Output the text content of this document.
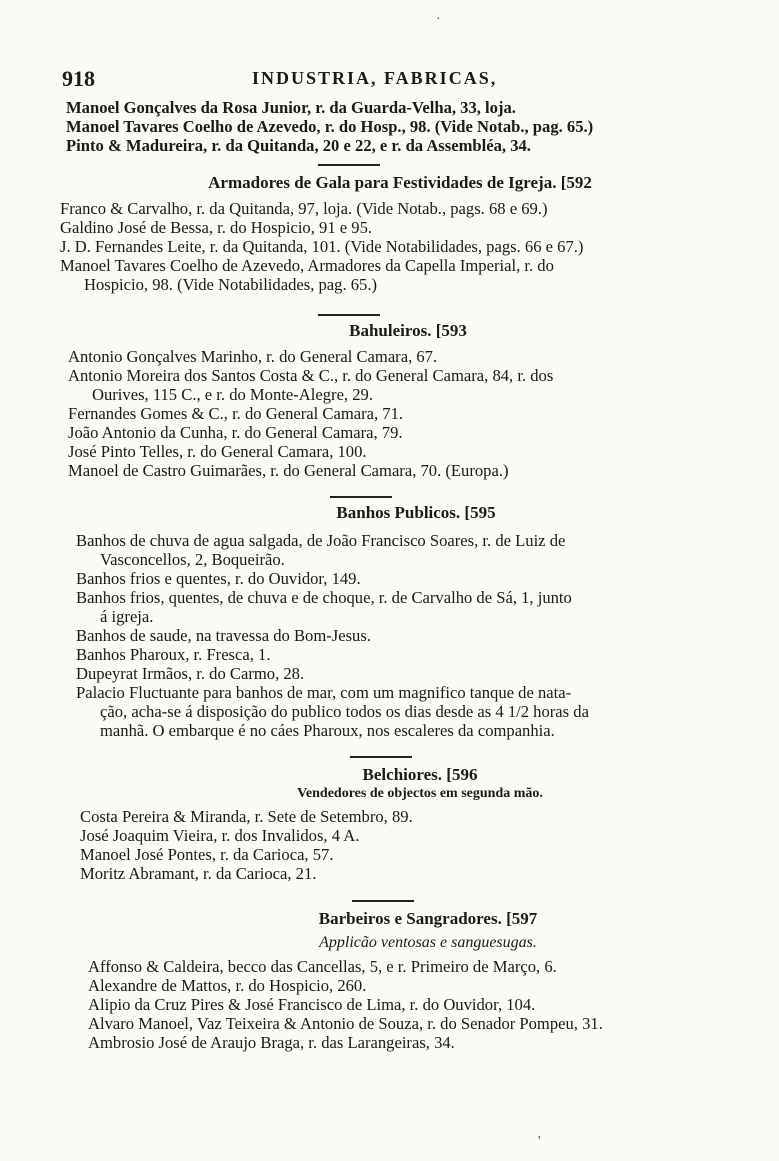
918	INDUSTRIA, FABRICAS,
Manoel Gonçalves da Rosa Junior, r. da Guarda-Velha, 33, loja.
Manoel Tavares Coelho de Azevedo, r. do Hosp., 98. (Vide Notab., pag. 65.)
Pinto & Madureira, r. da Quitanda, 20 e 22, e r. da Assembléa, 34.
Armadores de Gala para Festividades de Igreja. [592
Franco & Carvalho, r. da Quitanda, 97, loja. (Vide Notab., pags. 68 e 69.)
Galdino José de Bessa, r. do Hospicio, 91 e 95.
J. D. Fernandes Leite, r. da Quitanda, 101. (Vide Notabilidades, pags. 66 e 67.)
Manoel Tavares Coelho de Azevedo, Armadores da Capella Imperial, r. do
Hospicio, 98. (Vide Notabilidades, pag. 65.)
Bahuleiros. [593
Antonio Gonçalves Marinho, r. do General Camara, 67.
Antonio Moreira dos Santos Costa & C., r. do General Camara, 84, r. dos
Ourives, 115 C., e r. do Monte-Alegre, 29.
Fernandes Gomes & C., r. do General Camara, 71.
João Antonio da Cunha, r. do General Camara, 79.
José Pinto Telles, r. do General Camara, 100.
Manoel de Castro Guimarães, r. do General Camara, 70. (Europa.)
Banhos Publicos. [595
Banhos de chuva de agua salgada, de João Francisco Soares, r. de Luiz de
Vasconcellos, 2, Boqueirão.
Banhos frios e quentes, r. do Ouvidor, 149.
Banhos frios, quentes, de chuva e de choque, r. de Carvalho de Sá, 1, junto
á igreja.
Banhos de saude, na travessa do Bom-Jesus.
Banhos Pharoux, r. Fresca, 1.
Dupeyrat Irmãos, r. do Carmo, 28.
Palacio Fluctuante para banhos de mar, com um magnifico tanque de nata-
ção, acha-se á disposição do publico todos os dias desde as 4 1/2 horas da
manhã. O embarque é no cáes Pharoux, nos escaleres da companhia.
Belchiores. [596
Vendedores de objectos em segunda mão.
Costa Pereira & Miranda, r. Sete de Setembro, 89.
José Joaquim Vieira, r. dos Invalidos, 4 A.
Manoel José Pontes, r. da Carioca, 57.
Moritz Abramant, r. da Carioca, 21.
Barbeiros e Sangradores. [597
Applicão ventosas e sanguesugas.
Affonso & Caldeira, becco das Cancellas, 5, e r. Primeiro de Março, 6.
Alexandre de Mattos, r. do Hospicio, 260.
Alipio da Cruz Pires & José Francisco de Lima, r. do Ouvidor, 104.
Alvaro Manoel, Vaz Teixeira & Antonio de Souza, r. do Senador Pompeu, 31.
Ambrosio José de Araujo Braga, r. das Larangeiras, 34.
·
'
